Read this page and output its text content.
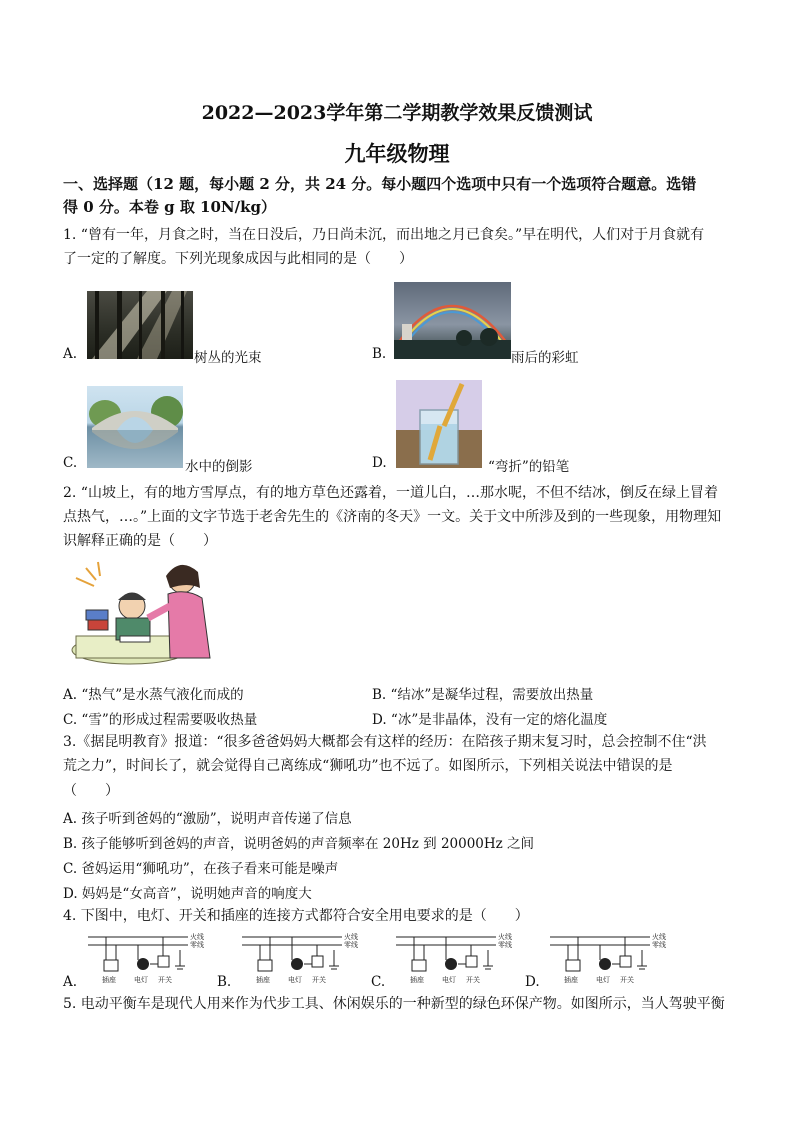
2022—2023学年第二学期教学效果反馈测试
九年级物理
一、选择题（12 题，每小题 2 分，共 24 分。每小题四个选项中只有一个选项符合题意。选错
得 0 分。本卷 g 取 10N/kg）
1. “曾有一年，月食之时，当在日没后，乃日尚未沉，而出地之月已食矣。”早在明代，人们对于月食就有
了一定的了解度。下列光现象成因与此相同的是（　　）
A.	树丛的光束	B.	雨后的彩虹
C.	水中的倒影	D.	“弯折”的铅笔
2. “山坡上，有的地方雪厚点，有的地方草色还露着，一道儿白，…那水呢，不但不结冰，倒反在绿上冒着
点热气，…。”上面的文字节选于老舍先生的《济南的冬天》一文。关于文中所涉及到的一些现象，用物理知
识解释正确的是（　　）
A. “热气”是水蒸气液化而成的	B. “结冰”是凝华过程，需要放出热量
C. “雪”的形成过程需要吸收热量	D. “冰”是非晶体，没有一定的熔化温度
3.《据昆明教育》报道：“很多爸爸妈妈大概都会有这样的经历：在陪孩子期末复习时，总会控制不住“洪
荒之力”，时间长了，就会觉得自己离练成“狮吼功”也不远了。如图所示，下列相关说法中错误的是
（　　）
A. 孩子听到爸妈的“激励”，说明声音传递了信息
B. 孩子能够听到爸妈的声音，说明爸妈的声音频率在 20Hz 到 20000Hz 之间
C. 爸妈运用“狮吼功”，在孩子看来可能是噪声
D. 妈妈是“女高音”，说明她声音的响度大
4. 下图中，电灯、开关和插座的连接方式都符合安全用电要求的是（　　）
A.	B.	C.	D.
火线
零线
插座	电灯 开关
火线
零线
插座	电灯 开关
火线
零线
插座	电灯 开关
火线
零线
插座	电灯 开关
5. 电动平衡车是现代人用来作为代步工具、休闲娱乐的一种新型的绿色环保产物。如图所示，当人驾驶平衡
